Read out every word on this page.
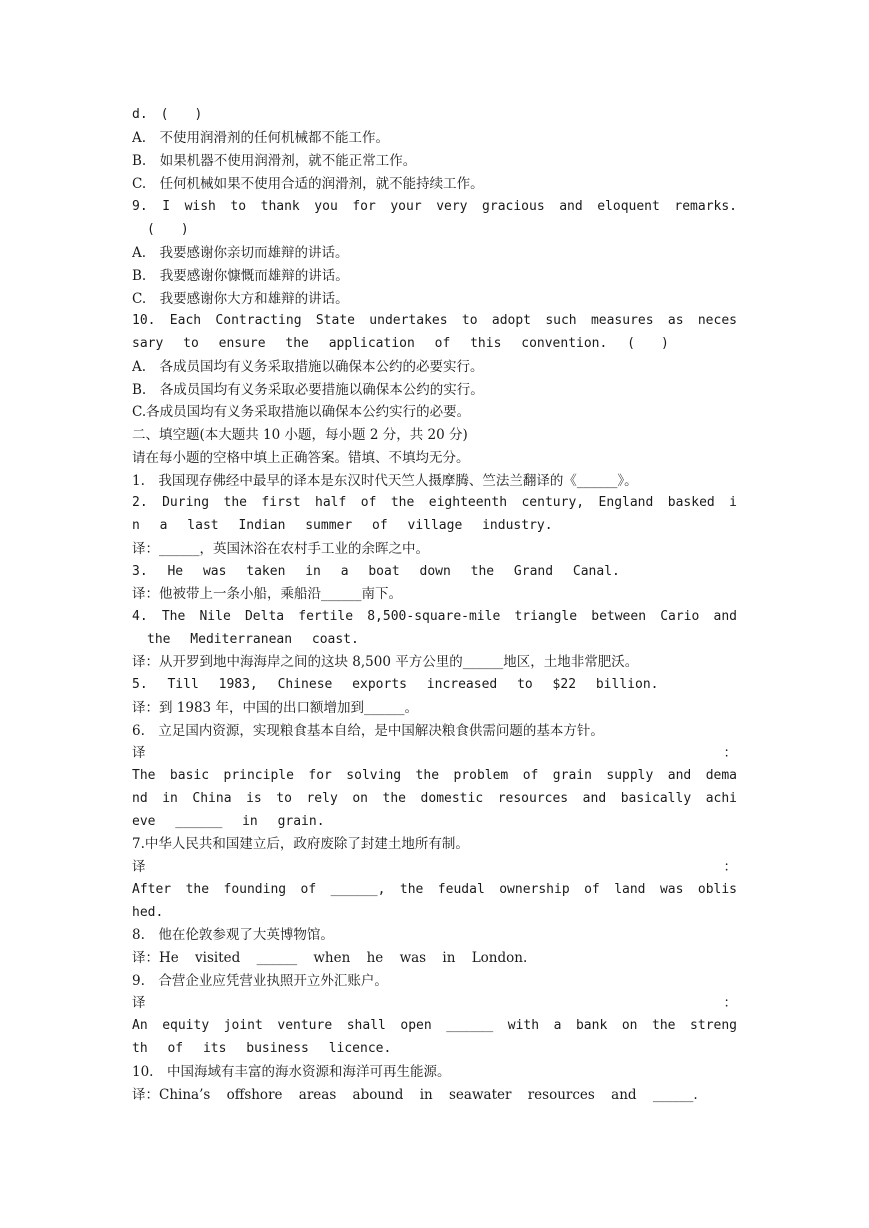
d.　(　　)
A.　不使用润滑剂的任何机械都不能工作。
B.　如果机器不使用润滑剂，就不能正常工作。
C.　任何机械如果不使用合适的润滑剂，就不能持续工作。
9. I wish to thank you for your very gracious and eloquent remarks.
(　　)
A.　我要感谢你亲切而雄辩的讲话。
B.　我要感谢你慷慨而雄辩的讲话。
C.　我要感谢你大方和雄辩的讲话。
10. Each Contracting State undertakes to adopt such measures as neces
sary to ensure the application of this convention. (　　)
A.　各成员国均有义务采取措施以确保本公约的必要实行。
B.　各成员国均有义务采取必要措施以确保本公约的实行。
C.各成员国均有义务采取措施以确保本公约实行的必要。
二、填空题(本大题共 10 小题，每小题 2 分，共 20 分)
请在每小题的空格中填上正确答案。错填、不填均无分。
1.　我国现存佛经中最早的译本是东汉时代天竺人摄摩腾、竺法兰翻译的《______》。
2. During the first half of the eighteenth century, England basked i
n a last Indian summer of village industry.
译：______，英国沐浴在农村手工业的余晖之中。
3. He was taken in a boat down the Grand Canal.
译：他被带上一条小船，乘船沿______南下。
4. The Nile Delta fertile 8,500-square-mile triangle between Cario and
the Mediterranean coast.
译：从开罗到地中海海岸之间的这块 8,500 平方公里的______地区，土地非常肥沃。
5. Till 1983, Chinese exports increased to $22 billion.
译：到 1983 年，中国的出口额增加到______。
6.　立足国内资源，实现粮食基本自给，是中国解决粮食供需问题的基本方针。
译	：
The basic principle for solving the problem of grain supply and dema
nd in China is to rely on the domestic resources and basically achi
eve ______ in grain.
7.中华人民共和国建立后，政府废除了封建土地所有制。
译	：
After the founding of ______, the feudal ownership of land was oblis
hed.
8.　他在伦敦参观了大英博物馆。
译：He visited ______ when he was in London.
9.　合营企业应凭营业执照开立外汇账户。
译	：
An equity joint venture shall open ______ with a bank on the streng
th of its business licence.
10.　中国海域有丰富的海水资源和海洋可再生能源。
译：China’s offshore areas abound in seawater resources and ______.
